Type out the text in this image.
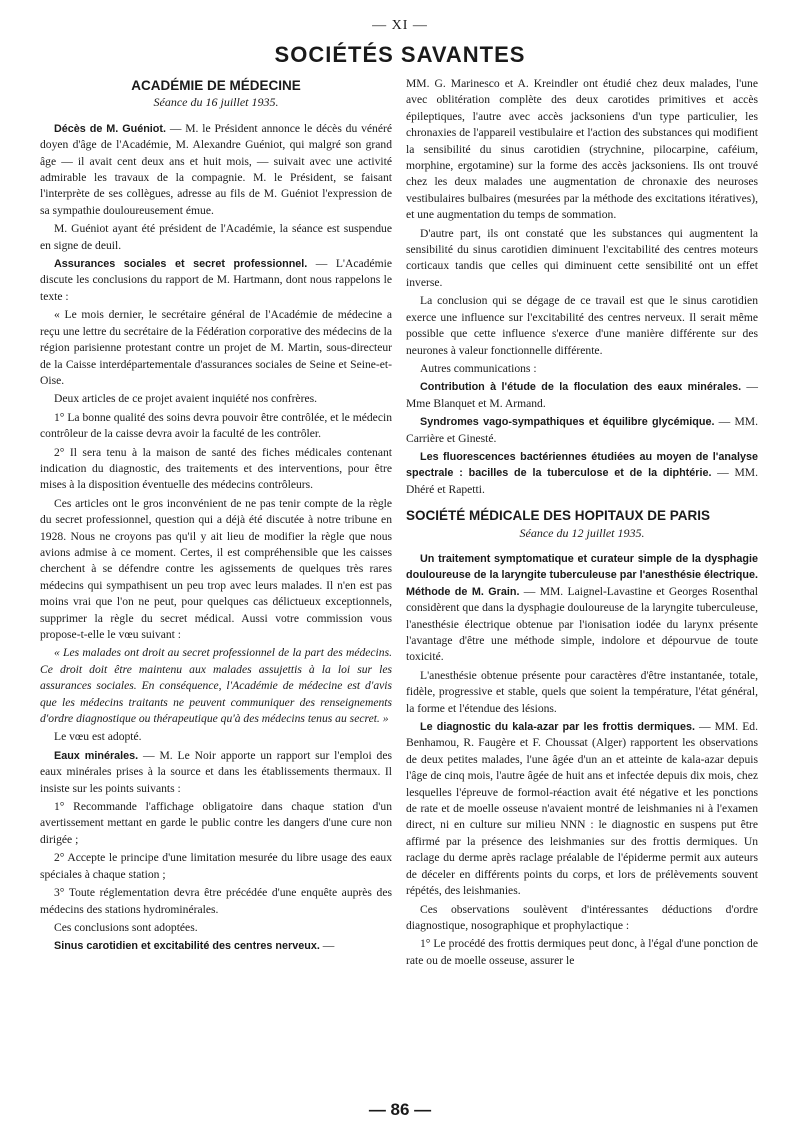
— XI —
SOCIÉTÉS SAVANTES
ACADÉMIE DE MÉDECINE
Séance du 16 juillet 1935.

Décès de M. Guéniot. — M. le Président annonce le décès du vénéré doyen d'âge de l'Académie, M. Alexandre Guéniot, qui malgré son grand âge — il avait cent deux ans et huit mois, — suivait avec une activité admirable les travaux de la compagnie. M. le Président, se faisant l'interprète de ses collègues, adresse au fils de M. Guéniot l'expression de sa sympathie douloureusement émue.

M. Guéniot ayant été président de l'Académie, la séance est suspendue en signe de deuil.

Assurances sociales et secret professionnel. — L'Académie discute les conclusions du rapport de M. Hartmann, dont nous rappelons le texte :

« Le mois dernier, le secrétaire général de l'Académie de médecine a reçu une lettre du secrétaire de la Fédération corporative des médecins de la région parisienne protestant contre un projet de M. Martin, sous-directeur de la Caisse interdépartementale d'assurances sociales de Seine et Seine-et-Oise.

Deux articles de ce projet avaient inquiété nos confrères.

1° La bonne qualité des soins devra pouvoir être contrôlée, et le médecin contrôleur de la caisse devra avoir la faculté de les contrôler.

2° Il sera tenu à la maison de santé des fiches médicales contenant indication du diagnostic, des traitements et des interventions, pour être mises à la disposition éventuelle des médecins contrôleurs.

Ces articles ont le gros inconvénient de ne pas tenir compte de la règle du secret professionnel, question qui a déjà été discutée à notre tribune en 1928. Nous ne croyons pas qu'il y ait lieu de modifier la règle que nous avions admise à ce moment. Certes, il est compréhensible que les caisses cherchent à se défendre contre les agissements de quelques très rares médecins qui sympathisent un peu trop avec leurs malades. Il n'en est pas moins vrai que l'on ne peut, pour quelques cas délictueux exceptionnels, supprimer la règle du secret médical. Aussi votre commission vous propose-t-elle le vœu suivant :

« Les malades ont droit au secret professionnel de la part des médecins. Ce droit doit être maintenu aux malades assujettis à la loi sur les assurances sociales. En conséquence, l'Académie de médecine est d'avis que les médecins traitants ne peuvent communiquer des renseignements d'ordre diagnostique ou thérapeutique qu'à des médecins tenus au secret. »

Le vœu est adopté.

Eaux minérales. — M. Le Noir apporte un rapport sur l'emploi des eaux minérales prises à la source et dans les établissements thermaux. Il insiste sur les points suivants :

1° Recommande l'affichage obligatoire dans chaque station d'un avertissement mettant en garde le public contre les dangers d'une cure non dirigée ;

2° Accepte le principe d'une limitation mesurée du libre usage des eaux spéciales à chaque station ;

3° Toute réglementation devra être précédée d'une enquête auprès des médecins des stations hydrominérales.

Ces conclusions sont adoptées.

Sinus carotidien et excitabilité des centres nerveux. —

MM. G. Marinesco et A. Kreindler ont étudié chez deux malades, l'une avec oblitération complète des deux carotides primitives et accès épileptiques, l'autre avec accès jacksoniens d'un type particulier, les chronaxies de l'appareil vestibulaire et l'action des substances qui modifient la sensibilité du sinus carotidien (strychnine, pilocarpine, caféium, morphine, ergotamine) sur la forme des accès jacksoniens. Ils ont trouvé chez les deux malades une augmentation de chronaxie des neuroses vestibulaires bulbaires (mesurées par la méthode des excitations itératives), et une augmentation du temps de sommation.

D'autre part, ils ont constaté que les substances qui augmentent la sensibilité du sinus carotidien diminuent l'excitabilité des centres moteurs corticaux tandis que celles qui diminuent cette sensibilité ont un effet inverse.

La conclusion qui se dégage de ce travail est que le sinus carotidien exerce une influence sur l'excitabilité des centres nerveux. Il serait même possible que cette influence s'exerce d'une manière différente sur des neurones à valeur fonctionnelle différente.

Autres communications :

Contribution à l'étude de la floculation des eaux minérales. — Mme Blanquet et M. Armand.

Syndromes vago-sympathiques et équilibre glycémique. — MM. Carrière et Ginesté.

Les fluorescences bactériennes étudiées au moyen de l'analyse spectrale : bacilles de la tuberculose et de la diphtérie. — MM. Dhéré et Rapetti.

SOCIÉTÉ MÉDICALE DES HOPITAUX DE PARIS
Séance du 12 juillet 1935.

Un traitement symptomatique et curateur simple de la dysphagie douloureuse de la laryngite tuberculeuse par l'anesthésie électrique. Méthode de M. Grain. — MM. Laignel-Lavastine et Georges Rosenthal considèrent que dans la dysphagie douloureuse de la laryngite tuberculeuse, l'anesthésie électrique obtenue par l'ionisation iodée du larynx présente l'avantage d'être une méthode simple, indolore et dépourvue de toute toxicité.

L'anesthésie obtenue présente pour caractères d'être instantanée, totale, fidèle, progressive et stable, quels que soient la température, l'état général, la forme et l'étendue des lésions.

Le diagnostic du kala-azar par les frottis dermiques. — MM. Ed. Benhamou, R. Faugère et F. Choussat (Alger) rapportent les observations de deux petites malades, l'une âgée d'un an et atteinte de kala-azar depuis l'âge de cinq mois, l'autre âgée de huit ans et infectée depuis dix mois, chez lesquelles l'épreuve de formol-réaction avait été négative et les ponctions de rate et de moelle osseuse n'avaient montré de leishmanies ni à l'examen direct, ni en culture sur milieu NNN : le diagnostic en suspens put être affirmé par la présence des leishmanies sur des frottis dermiques. Un raclage du derme après raclage préalable de l'épiderme permit aux auteurs de déceler en différents points du corps, et lors de prélèvements souvent répétés, des leishmanies.

Ces observations soulèvent d'intéressantes déductions d'ordre diagnostique, nosographique et prophylactique :

1° Le procédé des frottis dermiques peut donc, à l'égal d'une ponction de rate ou de moelle osseuse, assurer le

— 86 —
